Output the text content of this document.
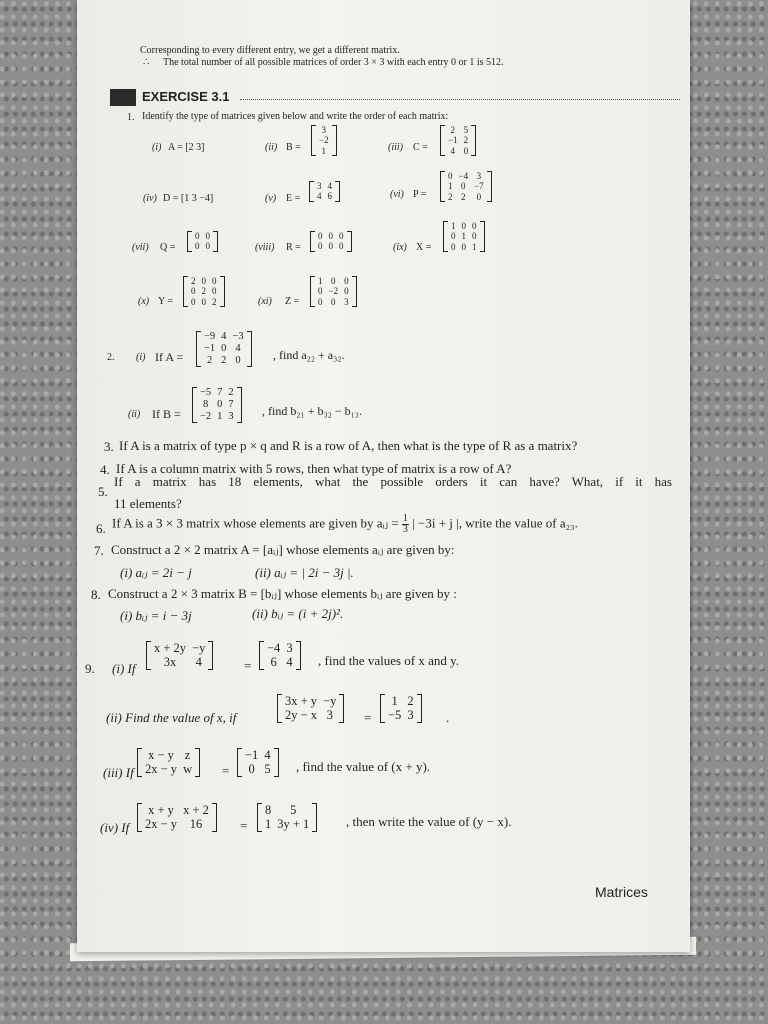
Corresponding to every different entry, we get a different matrix.
∴ The total number of all possible matrices of order 3 × 3 with each entry 0 or 1 is 512.
EXERCISE 3.1
1. Identify the type of matrices given below and write the order of each matrix:
(i) A = [2 3]	(ii) B =
3
−2
1	(iii) C =
2	5
−1	2
4	0
(iv) D = [1 3 −4]	(v) E =
3	4
4	6	(vi) P =
0	−4	3
1	0	−7
2	2	0
(vii) Q =
0	0
0	0	(viii) R =
0	0	0
0	0	0	(ix) X =
1	0	0
0	1	0
0	0	1
(x) Y =
2	0	0
0	2	0
0	0	2	(xi) Z =
1	0	0
0	−2	0
0	0	3
2. (i) If A =
−9	4	−3
−1	0	4
2	2	0	, find a₂₂ + a₃₂.
(ii) If B =
−5	7	2
8	0	7
−2	1	3 , find b₂₁ + b₃₂ − b₁₃.
3. If A is a matrix of type p × q and R is a row of A, then what is the type of R as a matrix?
4. If A is a column matrix with 5 rows, then what type of matrix is a row of A?
5.
If a matrix has 18 elements, what the possible orders it can have? What, if it has
11 elements?
6. If A is a 3 × 3 matrix whose elements are given by aᵢⱼ = $\frac{1}{3}$ | −3i + j |, write the value of a₂₃.
7. Construct a 2 × 2 matrix A = [aᵢⱼ] whose elements aᵢⱼ are given by:
(i) aᵢⱼ = 2i − j	(ii) aᵢⱼ = | 2i − 3j |.
8. Construct a 2 × 3 matrix B = [bᵢⱼ] whose elements bᵢⱼ are given by :
(i) bᵢⱼ = i − 3j	(ii) bᵢⱼ = (i + 2j)².
9. (i) If
x + 2y	−y
3x	4	=
−4	3
6	4 , find the values of x and y.
(ii) Find the value of x, if
3x + y	−y
2y − x	3 =
1	2
−5	3 .
(iii) If
x − y	z
2x − y	w =
−1	4
0	5 , find the value of (x + y).
(iv) If
x + y	x + 2
2x − y	16	=
8	5
1	3y + 1	, then write the value of (y − x).
Matrices
